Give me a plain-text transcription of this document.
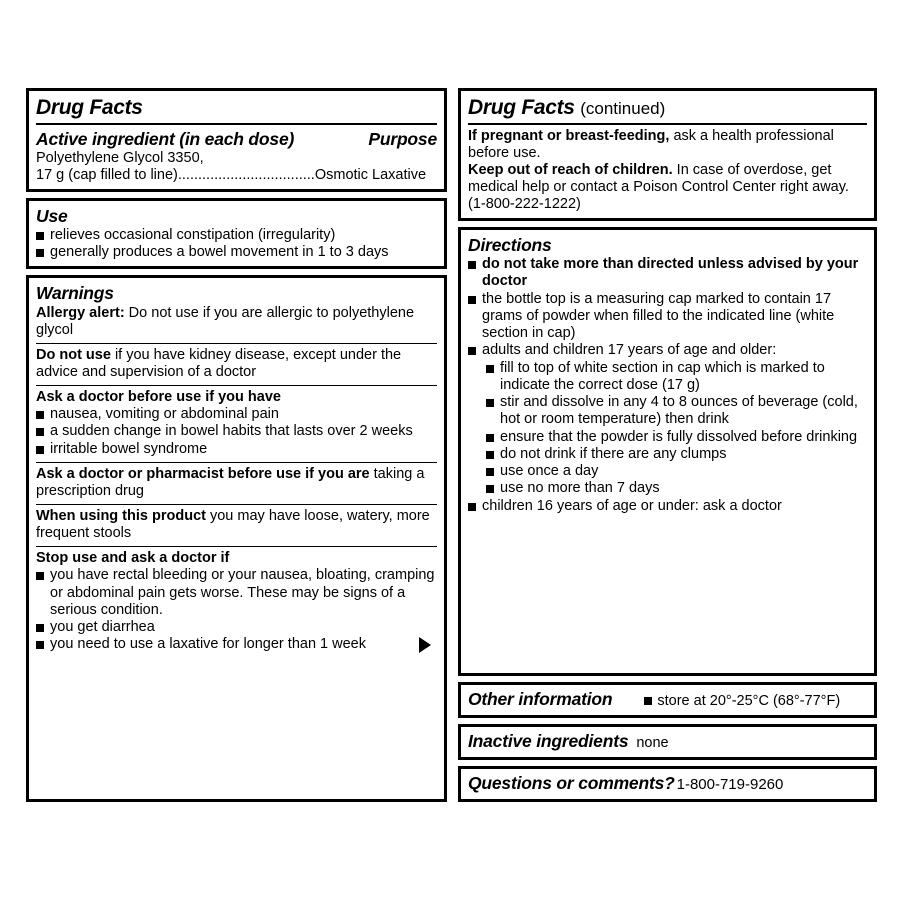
Drug Facts
Active ingredient (in each dose)	Purpose
Polyethylene Glycol 3350,
17 g (cap filled to line)..................................Osmotic Laxative
Use
relieves occasional constipation (irregularity)
generally produces a bowel movement in 1 to 3 days
Warnings
Allergy alert: Do not use if you are allergic to polyethylene glycol
Do not use if you have kidney disease, except under the advice and supervision of a doctor
Ask a doctor before use if you have
nausea, vomiting or abdominal pain
a sudden change in bowel habits that lasts over 2 weeks
irritable bowel syndrome
Ask a doctor or pharmacist before use if you are taking a prescription drug
When using this product you may have loose, watery, more frequent stools
Stop use and ask a doctor if
you have rectal bleeding or your nausea, bloating, cramping or abdominal pain gets worse. These may be signs of a serious condition.
you get diarrhea
you need to use a laxative for longer than 1 week
Drug Facts (continued)
If pregnant or breast-feeding, ask a health professional before use.
Keep out of reach of children. In case of overdose, get medical help or contact a Poison Control Center right away. (1-800-222-1222)
Directions
do not take more than directed unless advised by your doctor
the bottle top is a measuring cap marked to contain 17 grams of powder when filled to the indicated line (white section in cap)
adults and children 17 years of age and older:
fill to top of white section in cap which is marked to indicate the correct dose (17 g)
stir and dissolve in any 4 to 8 ounces of beverage (cold, hot or room temperature) then drink
ensure that the powder is fully dissolved before drinking
do not drink if there are any clumps
use once a day
use no more than 7 days
children 16 years of age or under: ask a doctor
Other information	store at 20°-25°C (68°-77°F)
Inactive ingredients none
Questions or comments? 1-800-719-9260
